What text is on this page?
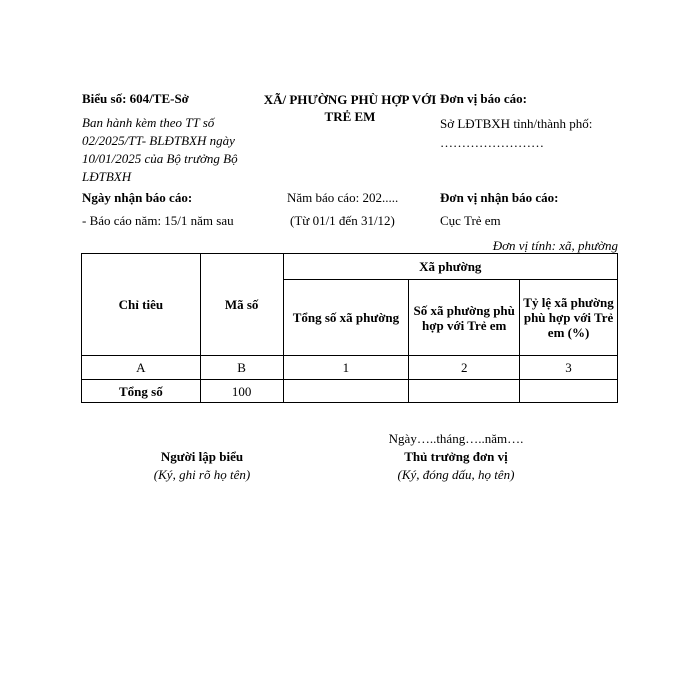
Biểu số: 604/TE-Sở
Ban hành kèm theo TT số 02/2025/TT- BLĐTBXH ngày 10/01/2025 của Bộ trưởng Bộ LĐTBXH
XÃ/ PHƯỜNG PHÙ HỢP VỚI TRẺ EM
Đơn vị báo cáo:
Sở LĐTBXH tỉnh/thành phố: ……………………
Ngày nhận báo cáo:
- Báo cáo năm: 15/1 năm sau
Năm báo cáo: 202.....
(Từ 01/1 đến 31/12)
Đơn vị nhận báo cáo:
Cục Trẻ em
Đơn vị tính: xã, phường
Chỉ tiêu	Mã số	Xã phường		
		Tổng số xã phường	Số xã phường phù hợp với Trẻ em	Tỷ lệ xã phường phù hợp với Trẻ em (%)
A	B	1	2	3
Tổng số	100			
Ngày…..tháng…..năm….
Người lập biểu
(Ký, ghi rõ họ tên)
Thủ trưởng đơn vị
(Ký, đóng dấu, họ tên)
